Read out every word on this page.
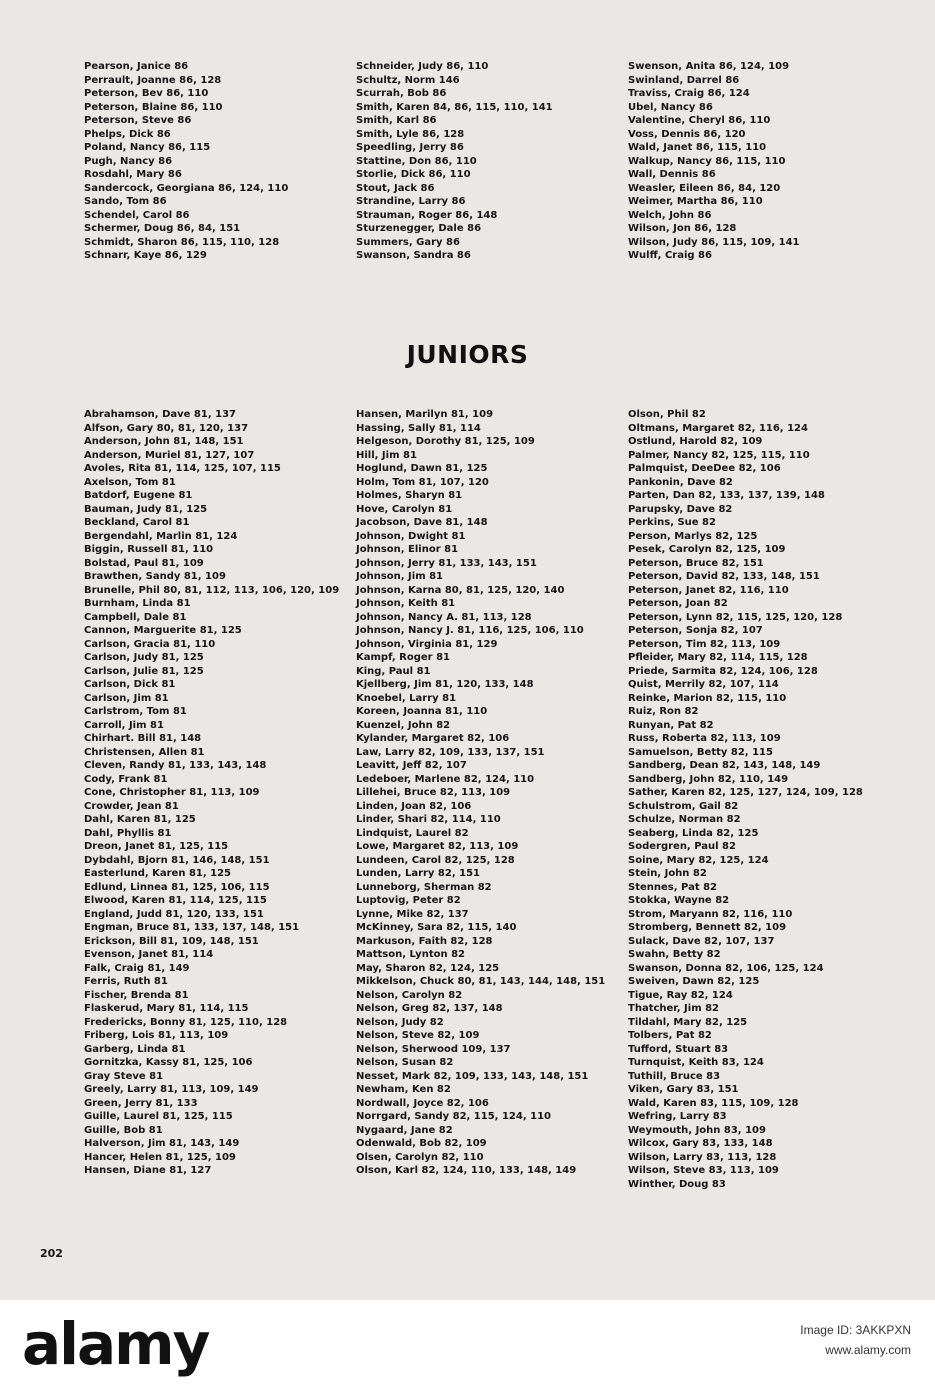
Pearson, Janice 86
Perrault, Joanne 86, 128
Peterson, Bev 86, 110
Peterson, Blaine 86, 110
Peterson, Steve 86
Phelps, Dick 86
Poland, Nancy 86, 115
Pugh, Nancy 86
Rosdahl, Mary 86
Sandercock, Georgiana 86, 124, 110
Sando, Tom 86
Schendel, Carol 86
Schermer, Doug 86, 84, 151
Schmidt, Sharon 86, 115, 110, 128
Schnarr, Kaye 86, 129
Schneider, Judy 86, 110
Schultz, Norm 146
Scurrah, Bob 86
Smith, Karen 84, 86, 115, 110, 141
Smith, Karl 86
Smith, Lyle 86, 128
Speedling, Jerry 86
Stattine, Don 86, 110
Storlie, Dick 86, 110
Stout, Jack 86
Strandine, Larry 86
Strauman, Roger 86, 148
Sturzenegger, Dale 86
Summers, Gary 86
Swanson, Sandra 86
Swenson, Anita 86, 124, 109
Swinland, Darrel 86
Traviss, Craig 86, 124
Ubel, Nancy 86
Valentine, Cheryl 86, 110
Voss, Dennis 86, 120
Wald, Janet 86, 115, 110
Walkup, Nancy 86, 115, 110
Wall, Dennis 86
Weasler, Eileen 86, 84, 120
Weimer, Martha 86, 110
Welch, John 86
Wilson, Jon 86, 128
Wilson, Judy 86, 115, 109, 141
Wulff, Craig 86
JUNIORS
Abrahamson, Dave 81, 137
Alfson, Gary 80, 81, 120, 137
Anderson, John 81, 148, 151
Anderson, Muriel 81, 127, 107
Avoles, Rita 81, 114, 125, 107, 115
Axelson, Tom 81
Batdorf, Eugene 81
Bauman, Judy 81, 125
Beckland, Carol 81
Bergendahl, Marlin 81, 124
Biggin, Russell 81, 110
Bolstad, Paul 81, 109
Brawthen, Sandy 81, 109
Brunelle, Phil 80, 81, 112, 113, 106, 120, 109
Burnham, Linda 81
Campbell, Dale 81
Cannon, Marguerite 81, 125
Carlson, Gracia 81, 110
Carlson, Judy 81, 125
Carlson, Julie 81, 125
Carlson, Dick 81
Carlson, Jim 81
Carlstrom, Tom 81
Carroll, Jim 81
Chirhart. Bill 81, 148
Christensen, Allen 81
Cleven, Randy 81, 133, 143, 148
Cody, Frank 81
Cone, Christopher 81, 113, 109
Crowder, Jean 81
Dahl, Karen 81, 125
Dahl, Phyllis 81
Dreon, Janet 81, 125, 115
Dybdahl, Bjorn 81, 146, 148, 151
Easterlund, Karen 81, 125
Edlund, Linnea 81, 125, 106, 115
Elwood, Karen 81, 114, 125, 115
England, Judd 81, 120, 133, 151
Engman, Bruce 81, 133, 137, 148, 151
Erickson, Bill 81, 109, 148, 151
Evenson, Janet 81, 114
Falk, Craig 81, 149
Ferris, Ruth 81
Fischer, Brenda 81
Flaskerud, Mary 81, 114, 115
Fredericks, Bonny 81, 125, 110, 128
Friberg, Lois 81, 113, 109
Garberg, Linda 81
Gornitzka, Kassy 81, 125, 106
Gray Steve 81
Greely, Larry 81, 113, 109, 149
Green, Jerry 81, 133
Guille, Laurel 81, 125, 115
Guille, Bob 81
Halverson, Jim 81, 143, 149
Hancer, Helen 81, 125, 109
Hansen, Diane 81, 127
Hansen, Marilyn 81, 109
Hassing, Sally 81, 114
Helgeson, Dorothy 81, 125, 109
Hill, Jim 81
Hoglund, Dawn 81, 125
Holm, Tom 81, 107, 120
Holmes, Sharyn 81
Hove, Carolyn 81
Jacobson, Dave 81, 148
Johnson, Dwight 81
Johnson, Elinor 81
Johnson, Jerry 81, 133, 143, 151
Johnson, Jim 81
Johnson, Karna 80, 81, 125, 120, 140
Johnson, Keith 81
Johnson, Nancy A. 81, 113, 128
Johnson, Nancy J. 81, 116, 125, 106, 110
Johnson, Virginia 81, 129
Kampf, Roger 81
King, Paul 81
Kjellberg, Jim 81, 120, 133, 148
Knoebel, Larry 81
Koreen, Joanna 81, 110
Kuenzel, John 82
Kylander, Margaret 82, 106
Law, Larry 82, 109, 133, 137, 151
Leavitt, Jeff 82, 107
Ledeboer, Marlene 82, 124, 110
Lillehei, Bruce 82, 113, 109
Linden, Joan 82, 106
Linder, Shari 82, 114, 110
Lindquist, Laurel 82
Lowe, Margaret 82, 113, 109
Lundeen, Carol 82, 125, 128
Lunden, Larry 82, 151
Lunneborg, Sherman 82
Luptovig, Peter 82
Lynne, Mike 82, 137
McKinney, Sara 82, 115, 140
Markuson, Faith 82, 128
Mattson, Lynton 82
May, Sharon 82, 124, 125
Mikkelson, Chuck 80, 81, 143, 144, 148, 151
Nelson, Carolyn 82
Nelson, Greg 82, 137, 148
Nelson, Judy 82
Nelson, Steve 82, 109
Nelson, Sherwood 109, 137
Nelson, Susan 82
Nesset, Mark 82, 109, 133, 143, 148, 151
Newham, Ken 82
Nordwall, Joyce 82, 106
Norrgard, Sandy 82, 115, 124, 110
Nygaard, Jane 82
Odenwald, Bob 82, 109
Olsen, Carolyn 82, 110
Olson, Karl 82, 124, 110, 133, 148, 149
Olson, Phil 82
Oltmans, Margaret 82, 116, 124
Ostlund, Harold 82, 109
Palmer, Nancy 82, 125, 115, 110
Palmquist, DeeDee 82, 106
Pankonin, Dave 82
Parten, Dan 82, 133, 137, 139, 148
Parupsky, Dave 82
Perkins, Sue 82
Person, Marlys 82, 125
Pesek, Carolyn 82, 125, 109
Peterson, Bruce 82, 151
Peterson, David 82, 133, 148, 151
Peterson, Janet 82, 116, 110
Peterson, Joan 82
Peterson, Lynn 82, 115, 125, 120, 128
Peterson, Sonja 82, 107
Peterson, Tim 82, 113, 109
Pfleider, Mary 82, 114, 115, 128
Priede, Sarmita 82, 124, 106, 128
Quist, Merrily 82, 107, 114
Reinke, Marion 82, 115, 110
Ruiz, Ron 82
Runyan, Pat 82
Russ, Roberta 82, 113, 109
Samuelson, Betty 82, 115
Sandberg, Dean 82, 143, 148, 149
Sandberg, John 82, 110, 149
Sather, Karen 82, 125, 127, 124, 109, 128
Schulstrom, Gail 82
Schulze, Norman 82
Seaberg, Linda 82, 125
Sodergren, Paul 82
Soine, Mary 82, 125, 124
Stein, John 82
Stennes, Pat 82
Stokka, Wayne 82
Strom, Maryann 82, 116, 110
Stromberg, Bennett 82, 109
Sulack, Dave 82, 107, 137
Swahn, Betty 82
Swanson, Donna 82, 106, 125, 124
Sweiven, Dawn 82, 125
Tigue, Ray 82, 124
Thatcher, Jim 82
Tildahl, Mary 82, 125
Tolbers, Pat 82
Tufford, Stuart 83
Turnquist, Keith 83, 124
Tuthill, Bruce 83
Viken, Gary 83, 151
Wald, Karen 83, 115, 109, 128
Wefring, Larry 83
Weymouth, John 83, 109
Wilcox, Gary 83, 133, 148
Wilson, Larry 83, 113, 128
Wilson, Steve 83, 113, 109
Winther, Doug 83
202
alamy	Image ID: 3AKKPXN
www.alamy.com
